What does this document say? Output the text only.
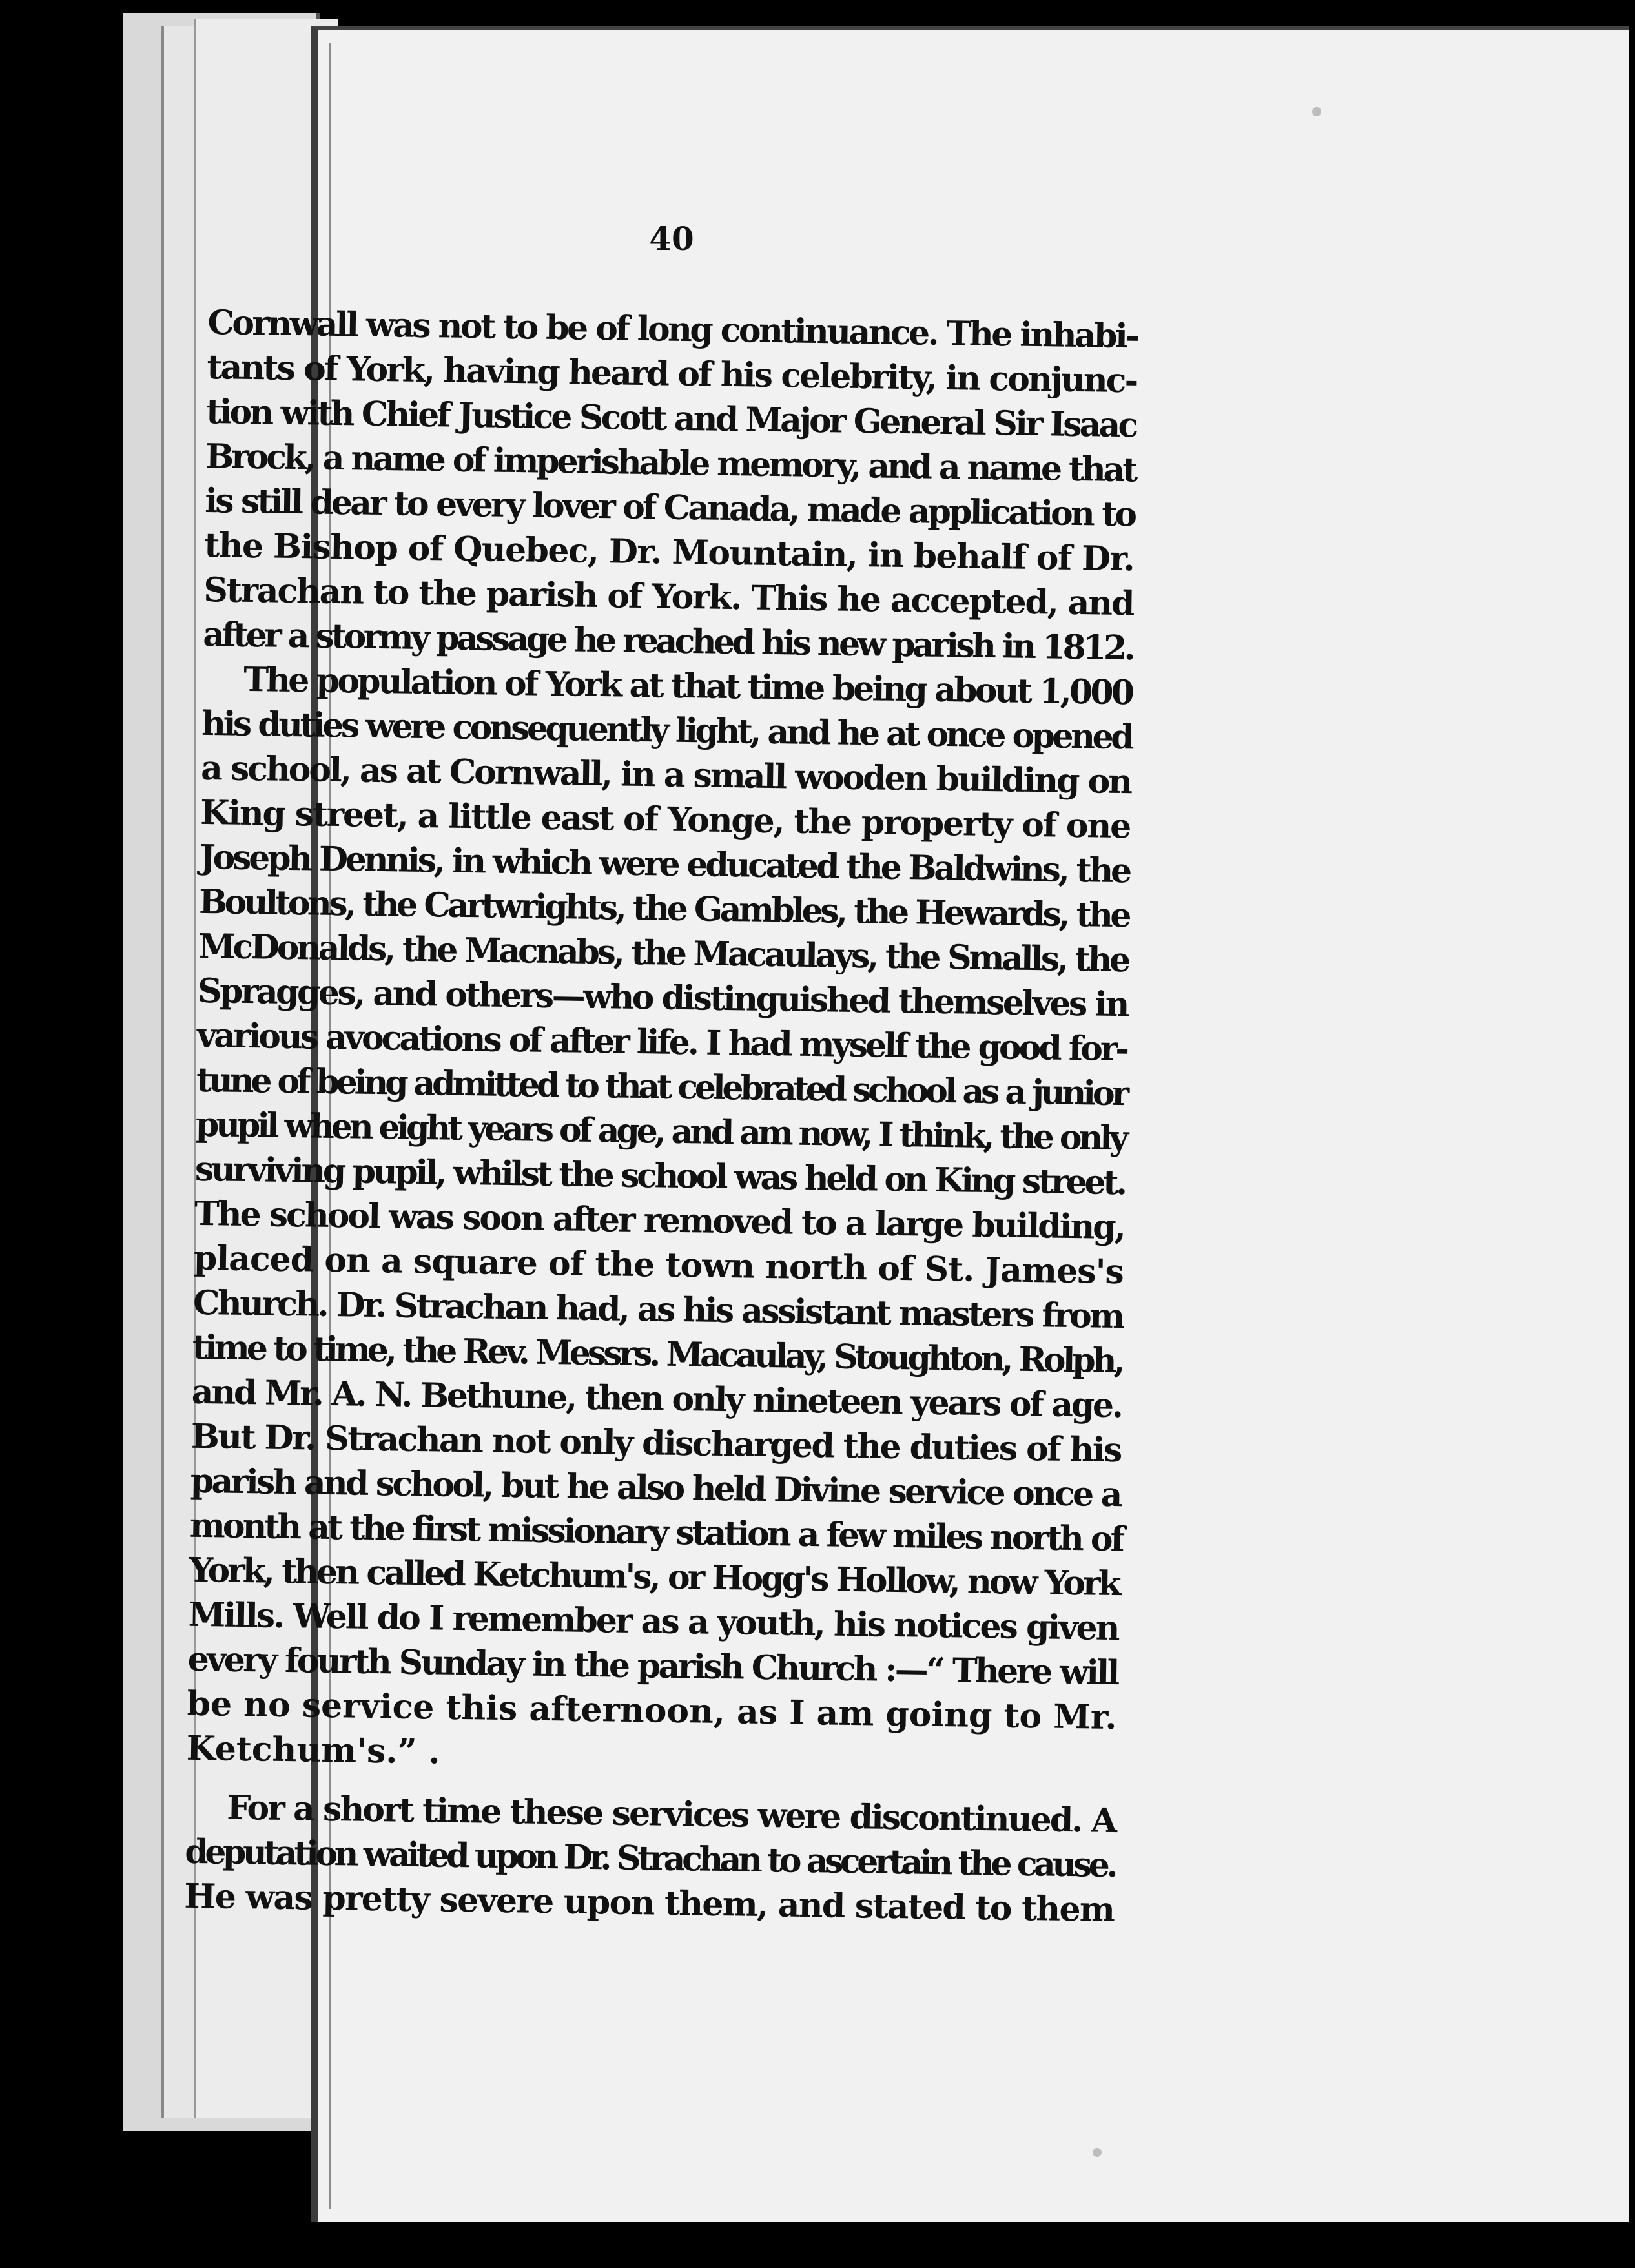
40
Cornwall was not to be of long continuance. The inhabi-
tants of York, having heard of his celebrity, in conjunc-
tion with Chief Justice Scott and Major General Sir Isaac
Brock, a name of imperishable memory, and a name that
is still dear to every lover of Canada, made application to
the Bishop of Quebec, Dr. Mountain, in behalf of Dr.
Strachan to the parish of York. This he accepted, and
after a stormy passage he reached his new parish in 1812.
The population of York at that time being about 1,000
his duties were consequently light, and he at once opened
a school, as at Cornwall, in a small wooden building on
King street, a little east of Yonge, the property of one
Joseph Dennis, in which were educated the Baldwins, the
Boultons, the Cartwrights, the Gambles, the Hewards, the
McDonalds, the Macnabs, the Macaulays, the Smalls, the
Spragges, and others—who distinguished themselves in
various avocations of after life. I had myself the good for-
tune of being admitted to that celebrated school as a junior
pupil when eight years of age, and am now, I think, the only
surviving pupil, whilst the school was held on King street.
The school was soon after removed to a large building,
placed on a square of the town north of St. James's
Church. Dr. Strachan had, as his assistant masters from
time to time, the Rev. Messrs. Macaulay, Stoughton, Rolph,
and Mr. A. N. Bethune, then only nineteen years of age.
But Dr. Strachan not only discharged the duties of his
parish and school, but he also held Divine service once a
month at the first missionary station a few miles north of
York, then called Ketchum's, or Hogg's Hollow, now York
Mills. Well do I remember as a youth, his notices given
every fourth Sunday in the parish Church :—“ There will
be no service this afternoon, as I am going to Mr.
Ketchum's.” .
For a short time these services were discontinued. A
deputation waited upon Dr. Strachan to ascertain the cause.
He was pretty severe upon them, and stated to them
